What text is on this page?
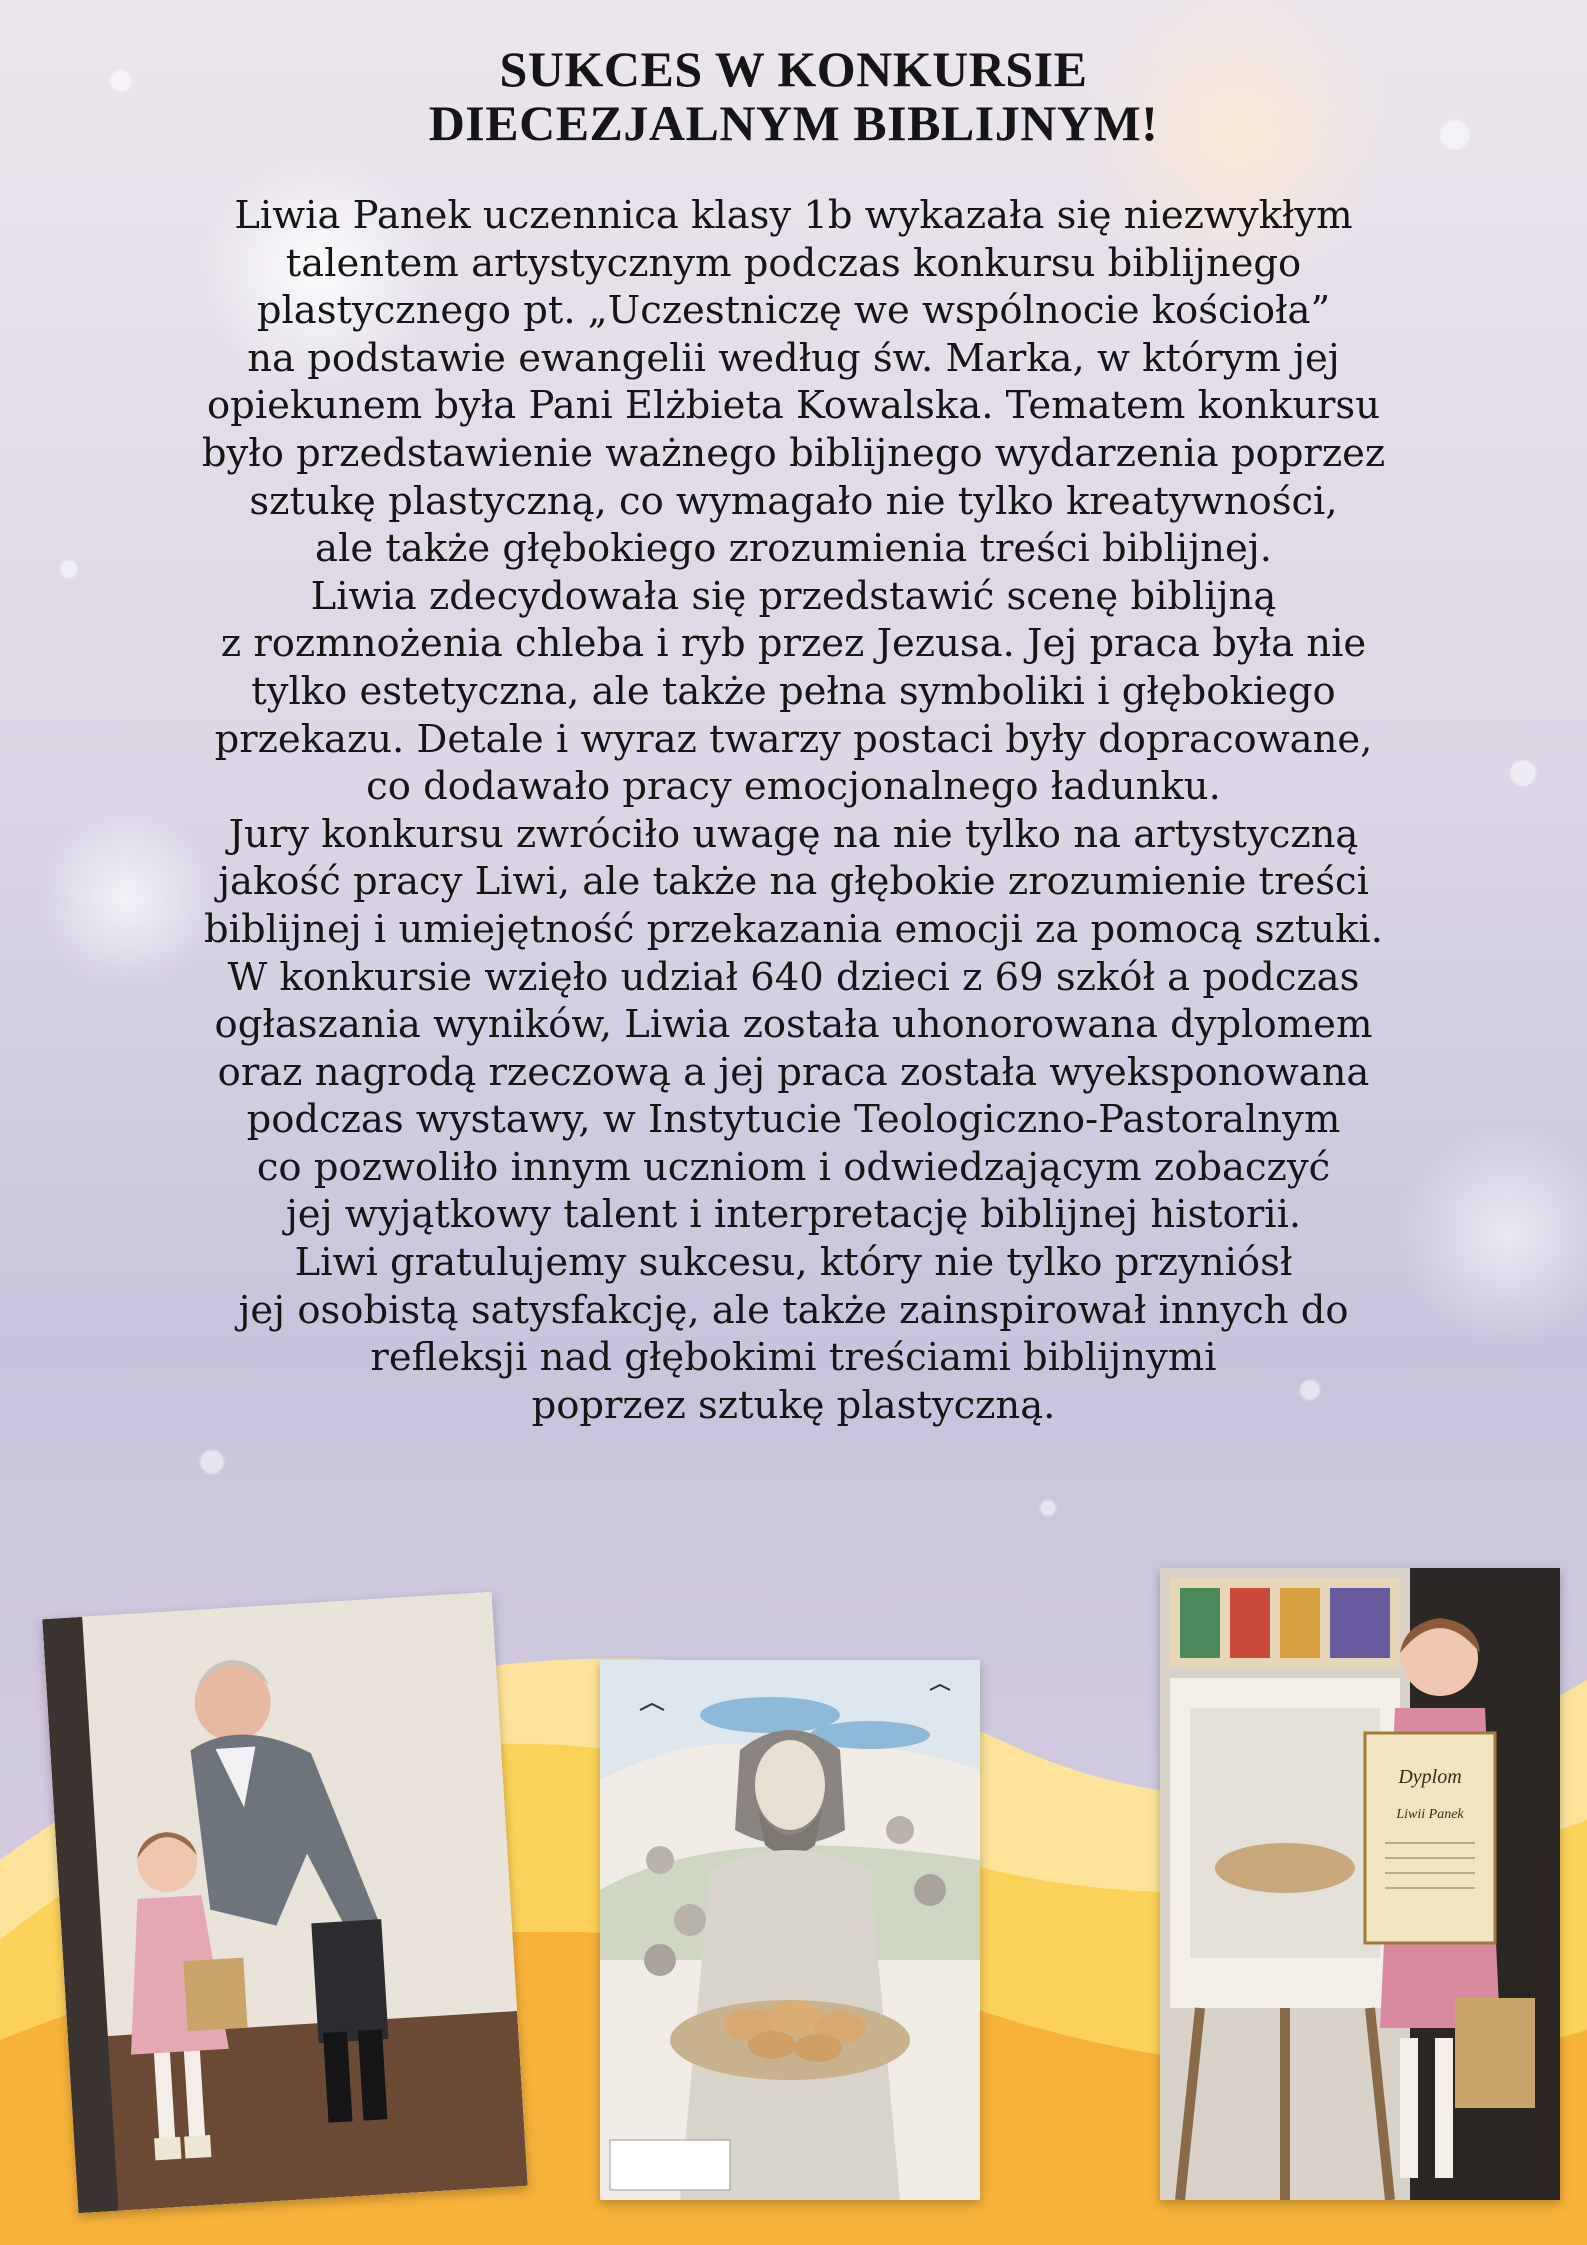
SUKCES W KONKURSIE
DIECEZJALNYM BIBLIJNYM!
Liwia Panek uczennica klasy 1b wykazała się niezwykłym
talentem artystycznym podczas konkursu biblijnego
plastycznego pt. „Uczestniczę we wspólnocie kościoła”
na podstawie ewangelii według św. Marka, w którym jej
opiekunem była Pani Elżbieta Kowalska. Tematem konkursu
było przedstawienie ważnego biblijnego wydarzenia poprzez
sztukę plastyczną, co wymagało nie tylko kreatywności,
ale także głębokiego zrozumienia treści biblijnej.
Liwia zdecydowała się przedstawić scenę biblijną
z rozmnożenia chleba i ryb przez Jezusa. Jej praca była nie
tylko estetyczna, ale także pełna symboliki i głębokiego
przekazu. Detale i wyraz twarzy postaci były dopracowane,
co dodawało pracy emocjonalnego ładunku.
Jury konkursu zwróciło uwagę na nie tylko na artystyczną
jakość pracy Liwi, ale także na głębokie zrozumienie treści
biblijnej i umiejętność przekazania emocji za pomocą sztuki.
W konkursie wzięło udział 640 dzieci z 69 szkół a podczas
ogłaszania wyników, Liwia została uhonorowana dyplomem
oraz nagrodą rzeczową a jej praca została wyeksponowana
podczas wystawy, w Instytucie Teologiczno-Pastoralnym
co pozwoliło innym uczniom i odwiedzającym zobaczyć
jej wyjątkowy talent i interpretację biblijnej historii.
Liwi gratulujemy sukcesu, który nie tylko przyniósł
jej osobistą satysfakcję, ale także zainspirował innych do
refleksji nad głębokimi treściami biblijnymi
poprzez sztukę plastyczną.
Dyplom
Liwii Panek
